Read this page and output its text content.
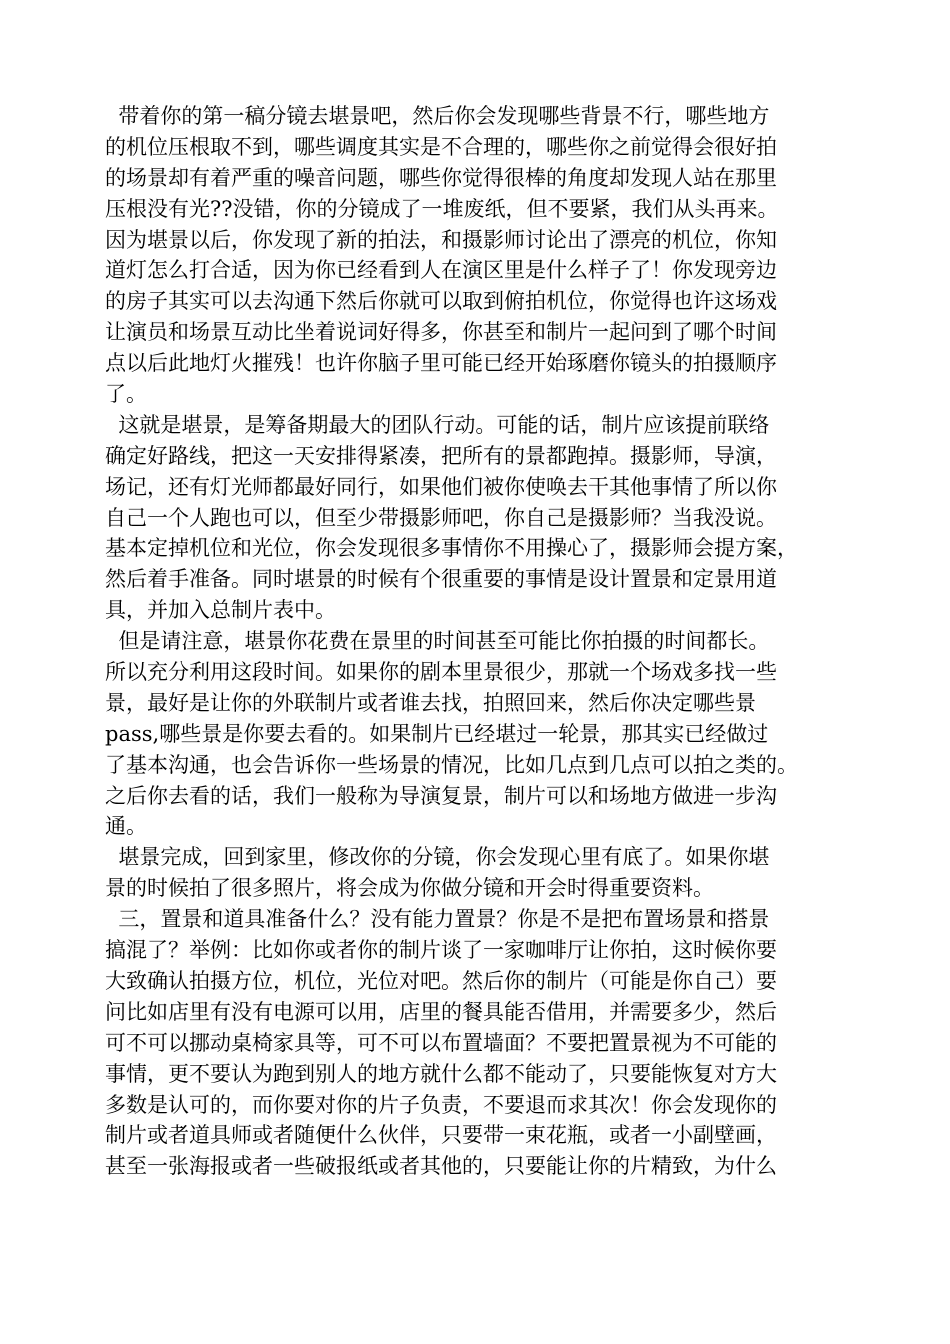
带着你的第一稿分镜去堪景吧，然后你会发现哪些背景不行，哪些地方
的机位压根取不到，哪些调度其实是不合理的，哪些你之前觉得会很好拍
的场景却有着严重的噪音问题，哪些你觉得很棒的角度却发现人站在那里
压根没有光??没错，你的分镜成了一堆废纸，但不要紧，我们从头再来。
因为堪景以后，你发现了新的拍法，和摄影师讨论出了漂亮的机位，你知
道灯怎么打合适，因为你已经看到人在演区里是什么样子了！你发现旁边
的房子其实可以去沟通下然后你就可以取到俯拍机位，你觉得也许这场戏
让演员和场景互动比坐着说词好得多，你甚至和制片一起问到了哪个时间
点以后此地灯火摧残！也许你脑子里可能已经开始琢磨你镜头的拍摄顺序
了。
这就是堪景，是筹备期最大的团队行动。可能的话，制片应该提前联络
确定好路线，把这一天安排得紧凑，把所有的景都跑掉。摄影师，导演，
场记，还有灯光师都最好同行，如果他们被你使唤去干其他事情了所以你
自己一个人跑也可以，但至少带摄影师吧，你自己是摄影师？当我没说。
基本定掉机位和光位，你会发现很多事情你不用操心了，摄影师会提方案，
然后着手准备。同时堪景的时候有个很重要的事情是设计置景和定景用道
具，并加入总制片表中。
但是请注意，堪景你花费在景里的时间甚至可能比你拍摄的时间都长。
所以充分利用这段时间。如果你的剧本里景很少，那就一个场戏多找一些
景，最好是让你的外联制片或者谁去找，拍照回来，然后你决定哪些景
pass,哪些景是你要去看的。如果制片已经堪过一轮景，那其实已经做过
了基本沟通，也会告诉你一些场景的情况，比如几点到几点可以拍之类的。
之后你去看的话，我们一般称为导演复景，制片可以和场地方做进一步沟
通。
堪景完成，回到家里，修改你的分镜，你会发现心里有底了。如果你堪
景的时候拍了很多照片，将会成为你做分镜和开会时得重要资料。
三，置景和道具准备什么？没有能力置景？你是不是把布置场景和搭景
搞混了？举例：比如你或者你的制片谈了一家咖啡厅让你拍，这时候你要
大致确认拍摄方位，机位，光位对吧。然后你的制片（可能是你自己）要
问比如店里有没有电源可以用，店里的餐具能否借用，并需要多少，然后
可不可以挪动桌椅家具等，可不可以布置墙面？不要把置景视为不可能的
事情，更不要认为跑到别人的地方就什么都不能动了，只要能恢复对方大
多数是认可的，而你要对你的片子负责，不要退而求其次！你会发现你的
制片或者道具师或者随便什么伙伴，只要带一束花瓶，或者一小副壁画，
甚至一张海报或者一些破报纸或者其他的，只要能让你的片精致，为什么
